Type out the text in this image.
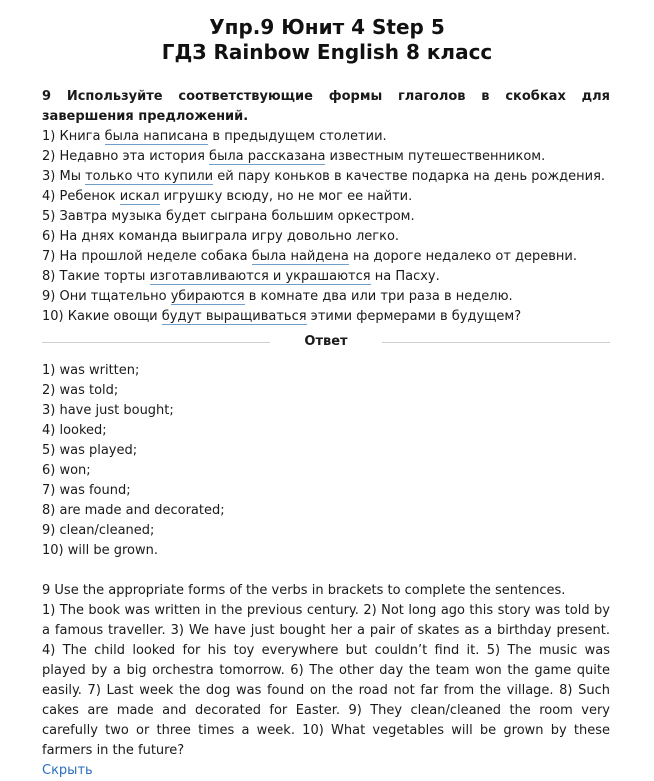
Упр.9 Юнит 4 Step 5
ГДЗ Rainbow English 8 класс
9 Используйте соответствующие формы глаголов в скобках для завершения предложений.
1) Книга была написана в предыдущем столетии.
2) Недавно эта история была рассказана известным путешественником.
3) Мы только что купили ей пару коньков в качестве подарка на день рождения.
4) Ребенок искал игрушку всюду, но не мог ее найти.
5) Завтра музыка будет сыграна большим оркестром.
6) На днях команда выиграла игру довольно легко.
7) На прошлой неделе собака была найдена на дороге недалеко от деревни.
8) Такие торты изготавливаются и украшаются на Пасху.
9) Они тщательно убираются в комнате два или три раза в неделю.
10) Какие овощи будут выращиваться этими фермерами в будущем?
Ответ
1) was written;
2) was told;
3) have just bought;
4) looked;
5) was played;
6) won;
7) was found;
8) are made and decorated;
9) clean/cleaned;
10) will be grown.
9 Use the appropriate forms of the verbs in brackets to complete the sentences.
1) The book was written in the previous century. 2) Not long ago this story was told by a famous traveller. 3) We have just bought her a pair of skates as a birthday present. 4) The child looked for his toy everywhere but couldn’t find it. 5) The music was played by a big orchestra tomorrow. 6) The other day the team won the game quite easily. 7) Last week the dog was found on the road not far from the village. 8) Such cakes are made and decorated for Easter. 9) They clean/cleaned the room very carefully two or three times a week. 10) What vegetables will be grown by these farmers in the future?
Скрыть
